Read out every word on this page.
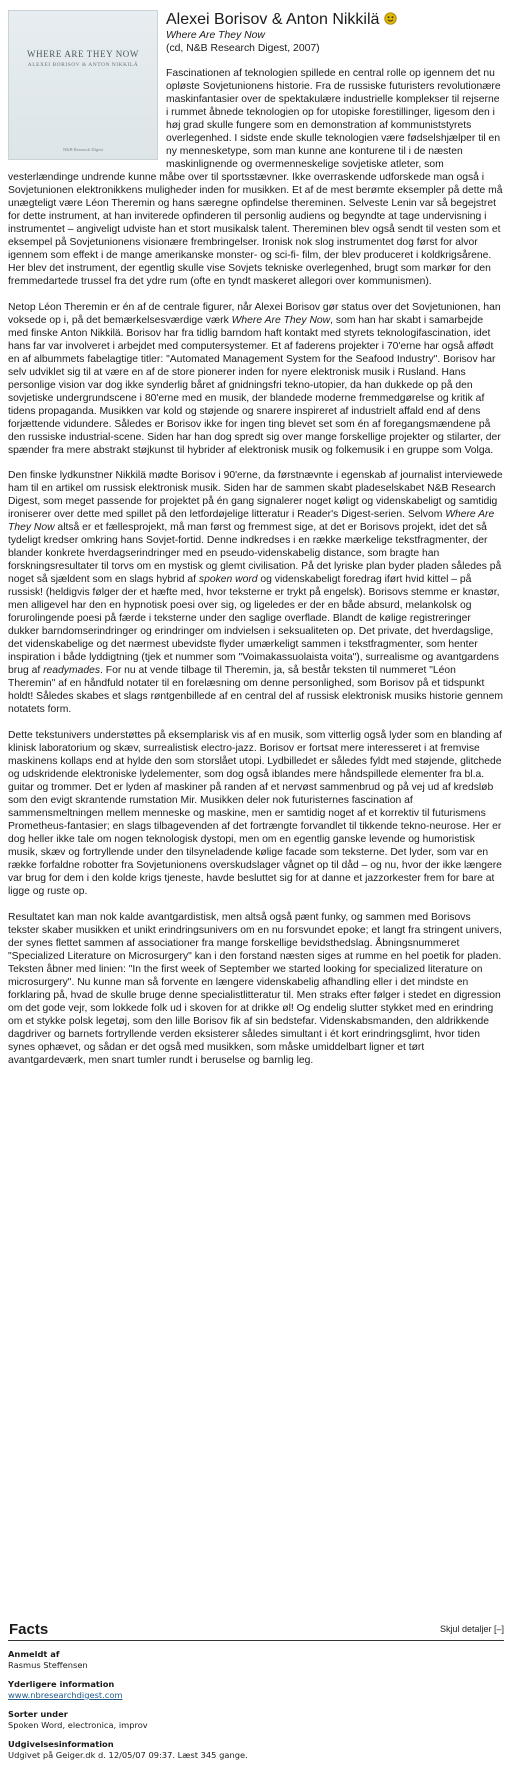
WHERE ARE THEY NOW
ALEXEI BORISOV & ANTON NIKKILÄ
N&B Research Digest
Alexei Borisov & Anton Nikkilä
Where Are They Now
(cd, N&B Research Digest, 2007)

Fascinationen af teknologien spillede en central rolle op igennem det nu opløste Sovjetunionens historie. Fra de russiske futuristers revolutionære maskinfantasier over de spektakulære industrielle komplekser til rejserne i rummet åbnede teknologien op for utopiske forestillinger, ligesom den i høj grad skulle fungere som en demonstration af kommuniststyrets overlegenhed. I sidste ende skulle teknologien være fødselshjælper til en ny mennesketype, som man kunne ane konturene til i de næsten maskinlignende og overmenneskelige sovjetiske atleter, som vesterlændinge undrende kunne måbe over til sportsstævner. Ikke overraskende udforskede man også i Sovjetunionen elektronikkens muligheder inden for musikken. Et af de mest berømte eksempler på dette må unægteligt være Léon Theremin og hans særegne opfindelse thereminen. Selveste Lenin var så begejstret for dette instrument, at han inviterede opfinderen til personlig audiens og begyndte at tage undervisning i instrumentet – angiveligt udviste han et stort musikalsk talent. Thereminen blev også sendt til vesten som et eksempel på Sovjetunionens visionære frembringelser. Ironisk nok slog instrumentet dog først for alvor igennem som effekt i de mange amerikanske monster- og sci-fi- film, der blev produceret i koldkrigsårene. Her blev det instrument, der egentlig skulle vise Sovjets tekniske overlegenhed, brugt som markør for den fremmedartede trussel fra det ydre rum (ofte en tyndt maskeret allegori over kommunismen).

Netop Léon Theremin er én af de centrale figurer, når Alexei Borisov gør status over det Sovjetunionen, han voksede op i, på det bemærkelsesværdige værk Where Are They Now, som han har skabt i samarbejde med finske Anton Nikkilä. Borisov har fra tidlig barndom haft kontakt med styrets teknologifascination, idet hans far var involveret i arbejdet med computersystemer. Et af faderens projekter i 70'erne har også affødt en af albummets fabelagtige titler: "Automated Management System for the Seafood Industry". Borisov har selv udviklet sig til at være en af de store pionerer inden for nyere elektronisk musik i Rusland. Hans personlige vision var dog ikke synderlig båret af gnidningsfri tekno-utopier, da han dukkede op på den sovjetiske undergrundscene i 80'erne med en musik, der blandede moderne fremmedgørelse og kritik af tidens propaganda. Musikken var kold og støjende og snarere inspireret af industrielt affald end af dens forjættende vidundere. Således er Borisov ikke for ingen ting blevet set som én af foregangsmændene på den russiske industrial-scene. Siden har han dog spredt sig over mange forskellige projekter og stilarter, der spænder fra mere abstrakt støjkunst til hybrider af elektronisk musik og folkemusik i en gruppe som Volga.

Den finske lydkunstner Nikkilä mødte Borisov i 90'erne, da førstnævnte i egenskab af journalist interviewede ham til en artikel om russisk elektronisk musik. Siden har de sammen skabt pladeselskabet N&B Research Digest, som meget passende for projektet på én gang signalerer noget køligt og videnskabeligt og samtidig ironiserer over dette med spillet på den letfordøjelige litteratur i Reader's Digest-serien. Selvom Where Are They Now altså er et fællesprojekt, må man først og fremmest sige, at det er Borisovs projekt, idet det så tydeligt kredser omkring hans Sovjet-fortid. Denne indkredses i en række mærkelige tekstfragmenter, der blander konkrete hverdagserindringer med en pseudo-videnskabelig distance, som bragte han forskningsresultater til torvs om en mystisk og glemt civilisation. På det lyriske plan byder pladen således på noget så sjældent som en slags hybrid af spoken word og videnskabeligt foredrag iført hvid kittel – på russisk! (heldigvis følger der et hæfte med, hvor teksterne er trykt på engelsk). Borisovs stemme er knastør, men alligevel har den en hypnotisk poesi over sig, og ligeledes er der en både absurd, melankolsk og forurolingende poesi på færde i teksterne under den saglige overflade. Blandt de kølige registreringer dukker barndomserindringer og erindringer om indvielsen i seksualiteten op. Det private, det hverdagslige, det videnskabelige og det nærmest ubevidste flyder umærkeligt sammen i tekstfragmenter, som henter inspiration i både lyddigtning (tjek et nummer som "Voimakassuolaista voita"), surrealisme og avantgardens brug af readymades. For nu at vende tilbage til Theremin, ja, så består teksten til nummeret "Léon Theremin" af en håndfuld notater til en forelæsning om denne personlighed, som Borisov på et tidspunkt holdt! Således skabes et slags røntgenbillede af en central del af russisk elektronisk musiks historie gennem notatets form.

Dette tekstunivers understøttes på eksemplarisk vis af en musik, som vitterlig også lyder som en blanding af klinisk laboratorium og skæv, surrealistisk electro-jazz. Borisov er fortsat mere interesseret i at fremvise maskinens kollaps end at hylde den som storslået utopi. Lydbilledet er således fyldt med støjende, glitchede og udskridende elektroniske lydelementer, som dog også iblandes mere håndspillede elementer fra bl.a. guitar og trommer. Det er lyden af maskiner på randen af et nervøst sammenbrud og på vej ud af kredsløb som den evigt skrantende rumstation Mir. Musikken deler nok futuristernes fascination af sammensmeltningen mellem menneske og maskine, men er samtidig noget af et korrektiv til futurismens Prometheus-fantasier; en slags tilbagevenden af det fortrængte forvandlet til tikkende tekno-neurose. Her er dog heller ikke tale om nogen teknologisk dystopi, men om en egentlig ganske levende og humoristisk musik, skæv og fortryllende under den tilsyneladende kølige facade som teksterne. Det lyder, som var en række forfaldne robotter fra Sovjetunionens overskudslager vågnet op til dåd – og nu, hvor der ikke længere var brug for dem i den kolde krigs tjeneste, havde besluttet sig for at danne et jazzorkester frem for bare at ligge og ruste op.

Resultatet kan man nok kalde avantgardistisk, men altså også pænt funky, og sammen med Borisovs tekster skaber musikken et unikt erindringsunivers om en nu forsvundet epoke; et langt fra stringent univers, der synes flettet sammen af associationer fra mange forskellige bevidsthedslag. Åbningsnummeret "Specialized Literature on Microsurgery" kan i den forstand næsten siges at rumme en hel poetik for pladen. Teksten åbner med linien: "In the first week of September we started looking for specialized literature on microsurgery". Nu kunne man så forvente en længere videnskabelig afhandling eller i det mindste en forklaring på, hvad de skulle bruge denne specialistlitteratur til. Men straks efter følger i stedet en digression om det gode vejr, som lokkede folk ud i skoven for at drikke øl! Og endelig slutter stykket med en erindring om et stykke polsk legetøj, som den lille Borisov fik af sin bedstefar. Videnskabsmanden, den aldrikkende dagdriver og barnets fortryllende verden eksisterer således simultant i ét kort erindringsglimt, hvor tiden synes ophævet, og sådan er det også med musikken, som måske umiddelbart ligner et tørt avantgardeværk, men snart tumler rundt i beruselse og barnlig leg.

Facts	Skjul detaljer [–]
Anmeldt af
Rasmus Steffensen
Yderligere information
www.nbresearchdigest.com
Sorter under
Spoken Word, electronica, improv
Udgivelsesinformation
Udgivet på Geiger.dk d. 12/05/07 09:37. Læst 345 gange.
